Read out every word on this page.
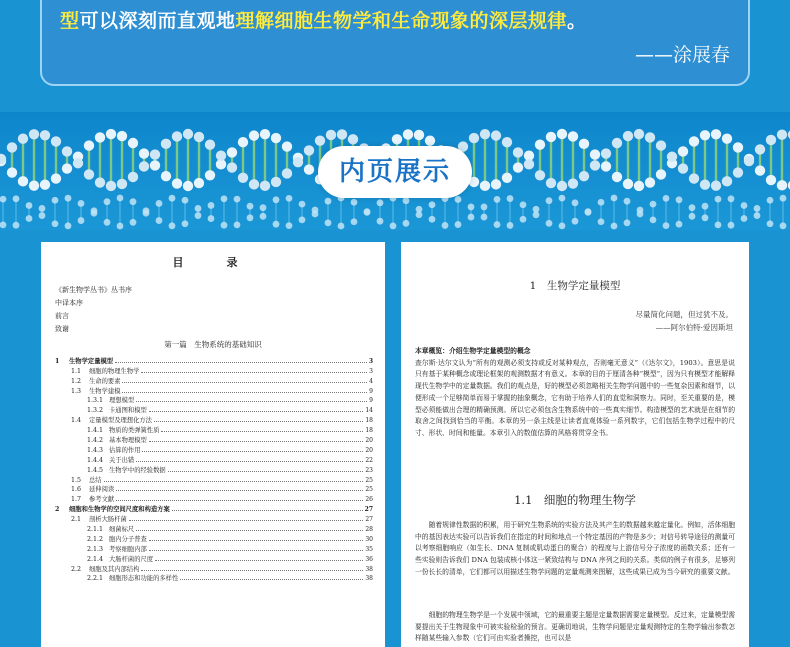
型可以深刻而直观地理解细胞生物学和生命现象的深层规律。
——涂展春
内页展示
目　录
《新生物学丛书》丛书序
中译本序
前言
致谢
第一篇　生物系统的基础知识
1	生物学定量模型	3
1.1	细胞的物理生物学	3
1.2	生命的要素	4
1.3	生物学建模	9
1.3.1 理想模型	9
1.3.2 卡通图和模型	14
1.4	定量模型及理想化方法	18
1.4.1 物质的类弹簧性质	18
1.4.2 基本物理模型	20
1.4.3 估算的作用	20
1.4.4 关于出错	22
1.4.5 生物学中的经验数据	23
1.5	总结	25
1.6	延伸阅读	25
1.7	参考文献	26
2	细胞和生物学的空间尺度和构造方案	27
2.1	剖析大肠杆菌	27
2.1.1 细菌标尺	28
2.1.2 胞内分子普查	30
2.1.3 考察细胞内部	35
2.1.4 大肠杆菌的尺度	36
2.2	细胞及其内部结构	38
2.2.1 细胞形态和功能的多样性	38
1　生物学定量模型
尽量简化问题，但过犹不及。
——阿尔伯特·爱因斯坦
本章概览：介绍生物学定量模型的概念
查尔斯·达尔文认为“所有的观测必须支持或反对某种观点，否则毫无意义”（《达尔文》，1903）。意思是说只有基于某种概念或理论框架的观测数据才有意义。本章的目的于厘清各种“模型”，因为只有模型才能解释现代生物学中的定量数据。我们的观点是，好的模型必须忽略相关生物学问题中的一些复杂因素和细节，以便形成一个足够简单而易于掌握的抽象概念，它有助于培养人们的直觉和洞察力。同时，至关重要的是，模型必须能做出合理的精确预测。所以它必须包含生物系统中的一些真实细节。构造模型的艺术就是在细节的取舍之间找到恰当的平衡。本章的另一条主线是让读者直观体验一系列数字，它们包括生物学过程中的尺寸、形状、时间和能量。本章引入的数值估算的风格将贯穿全书。
1.1　细胞的物理生物学
随着规律性数据的积累，用于研究生物系统的实验方法及其产生的数据越来越定量化。例如，活体细胞中的基因表达实验可以告诉我们在指定的时间和地点一个特定基因的产物是多少；对信号转导途径的测量可以考察细胞响应（如生长、DNA 复制或肌动蛋白的聚合）的程度与上游信号分子浓度的函数关系；还有一些实验则告诉我们 DNA 包装成核小体这一紧致结构与 DNA 序列之间的关系。类似的例子有很多，足够列一份长长的清单，它们都可以用描述生物学问题的定量观测来图解，这些成果已成为当今研究的重要文献。
细胞的物理生物学是一个发展中领域，它的最重要主题是定量数据需要定量模型。反过来，定量模型需要提出关于生物现象中可被实验检验的预言。更确切地说，生物学问题是定量观测特定的生物学输出参数怎样随某些输入参数（它们可由实验者操控，也可以是
